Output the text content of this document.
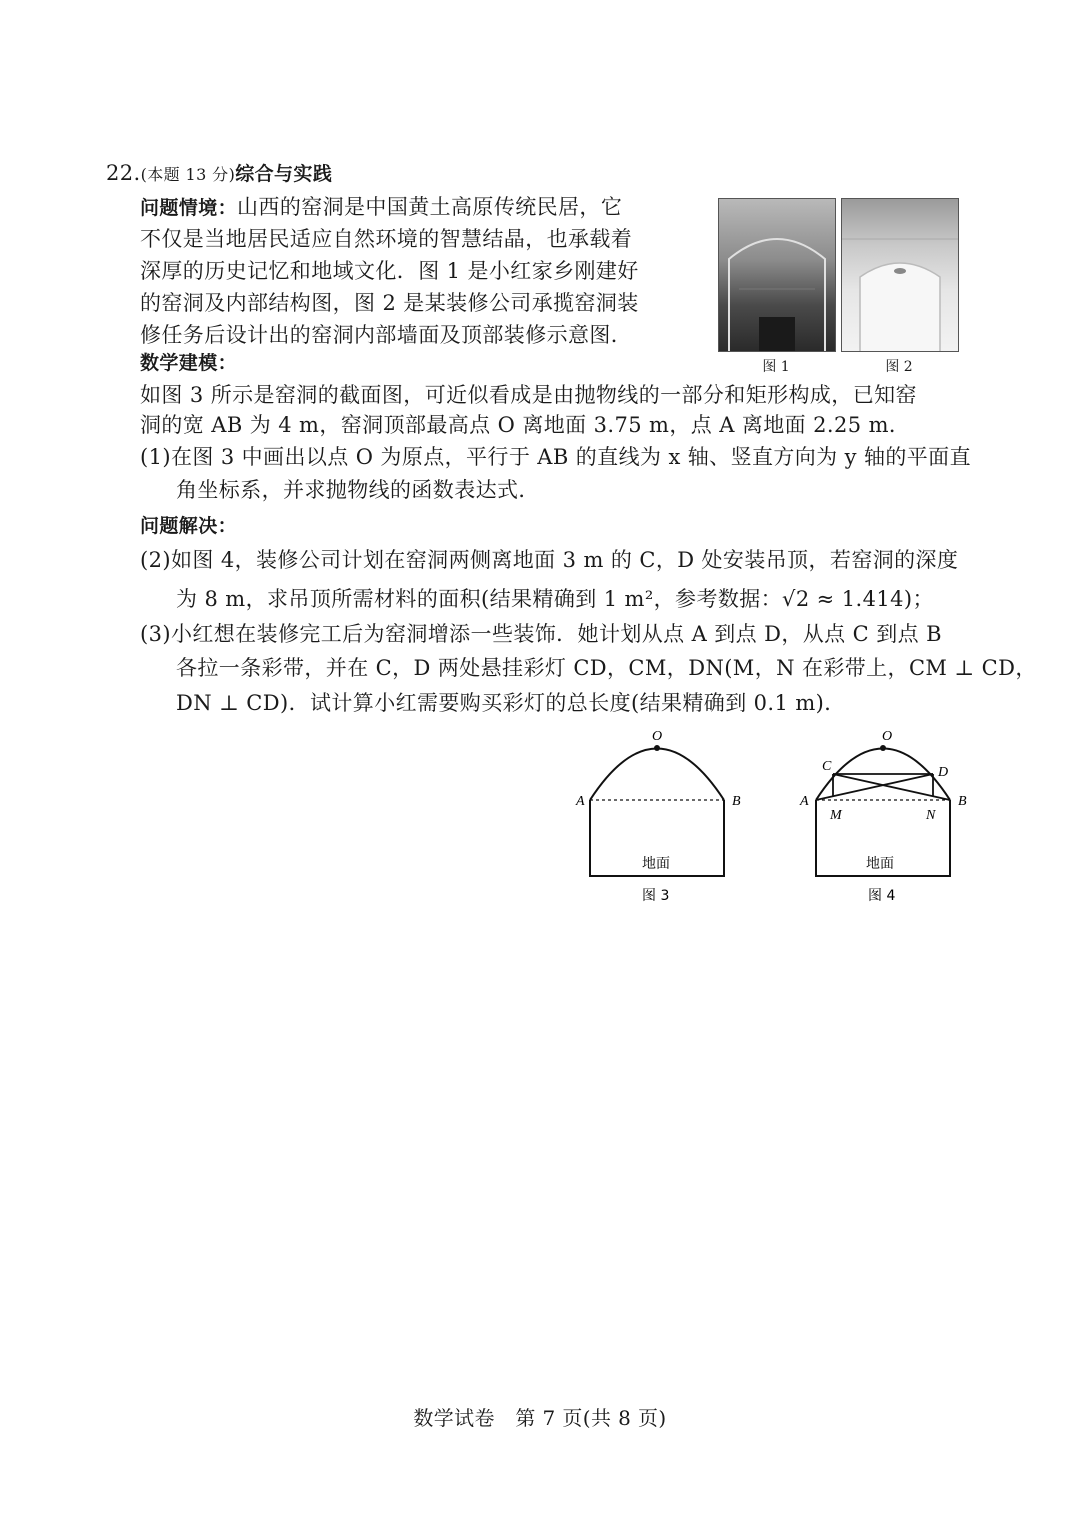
22.(本题 13 分)综合与实践
问题情境：山西的窑洞是中国黄土高原传统民居，它
不仅是当地居民适应自然环境的智慧结晶，也承载着
深厚的历史记忆和地域文化．图 1 是小红家乡刚建好
的窑洞及内部结构图，图 2 是某装修公司承揽窑洞装
修任务后设计出的窑洞内部墙面及顶部装修示意图．
图 1	图 2
数学建模：
如图 3 所示是窑洞的截面图，可近似看成是由抛物线的一部分和矩形构成，已知窑
洞的宽 AB 为 4 m，窑洞顶部最高点 O 离地面 3.75 m，点 A 离地面 2.25 m．
(1)在图 3 中画出以点 O 为原点，平行于 AB 的直线为 x 轴、竖直方向为 y 轴的平面直
角坐标系，并求抛物线的函数表达式．
问题解决：
(2)如图 4，装修公司计划在窑洞两侧离地面 3 m 的 C，D 处安装吊顶，若窑洞的深度
为 8 m，求吊顶所需材料的面积(结果精确到 1 m²，参考数据：√2 ≈ 1.414)；
(3)小红想在装修完工后为窑洞增添一些装饰．她计划从点 A 到点 D，从点 C 到点 B
各拉一条彩带，并在 C，D 两处悬挂彩灯 CD，CM，DN(M，N 在彩带上，CM ⊥ CD，
DN ⊥ CD)．试计算小红需要购买彩灯的总长度(结果精确到 0.1 m)．
O
A	B
地面
图 3
O
C	D
A	B
M	N
地面
图 4
数学试卷　第 7 页(共 8 页)
